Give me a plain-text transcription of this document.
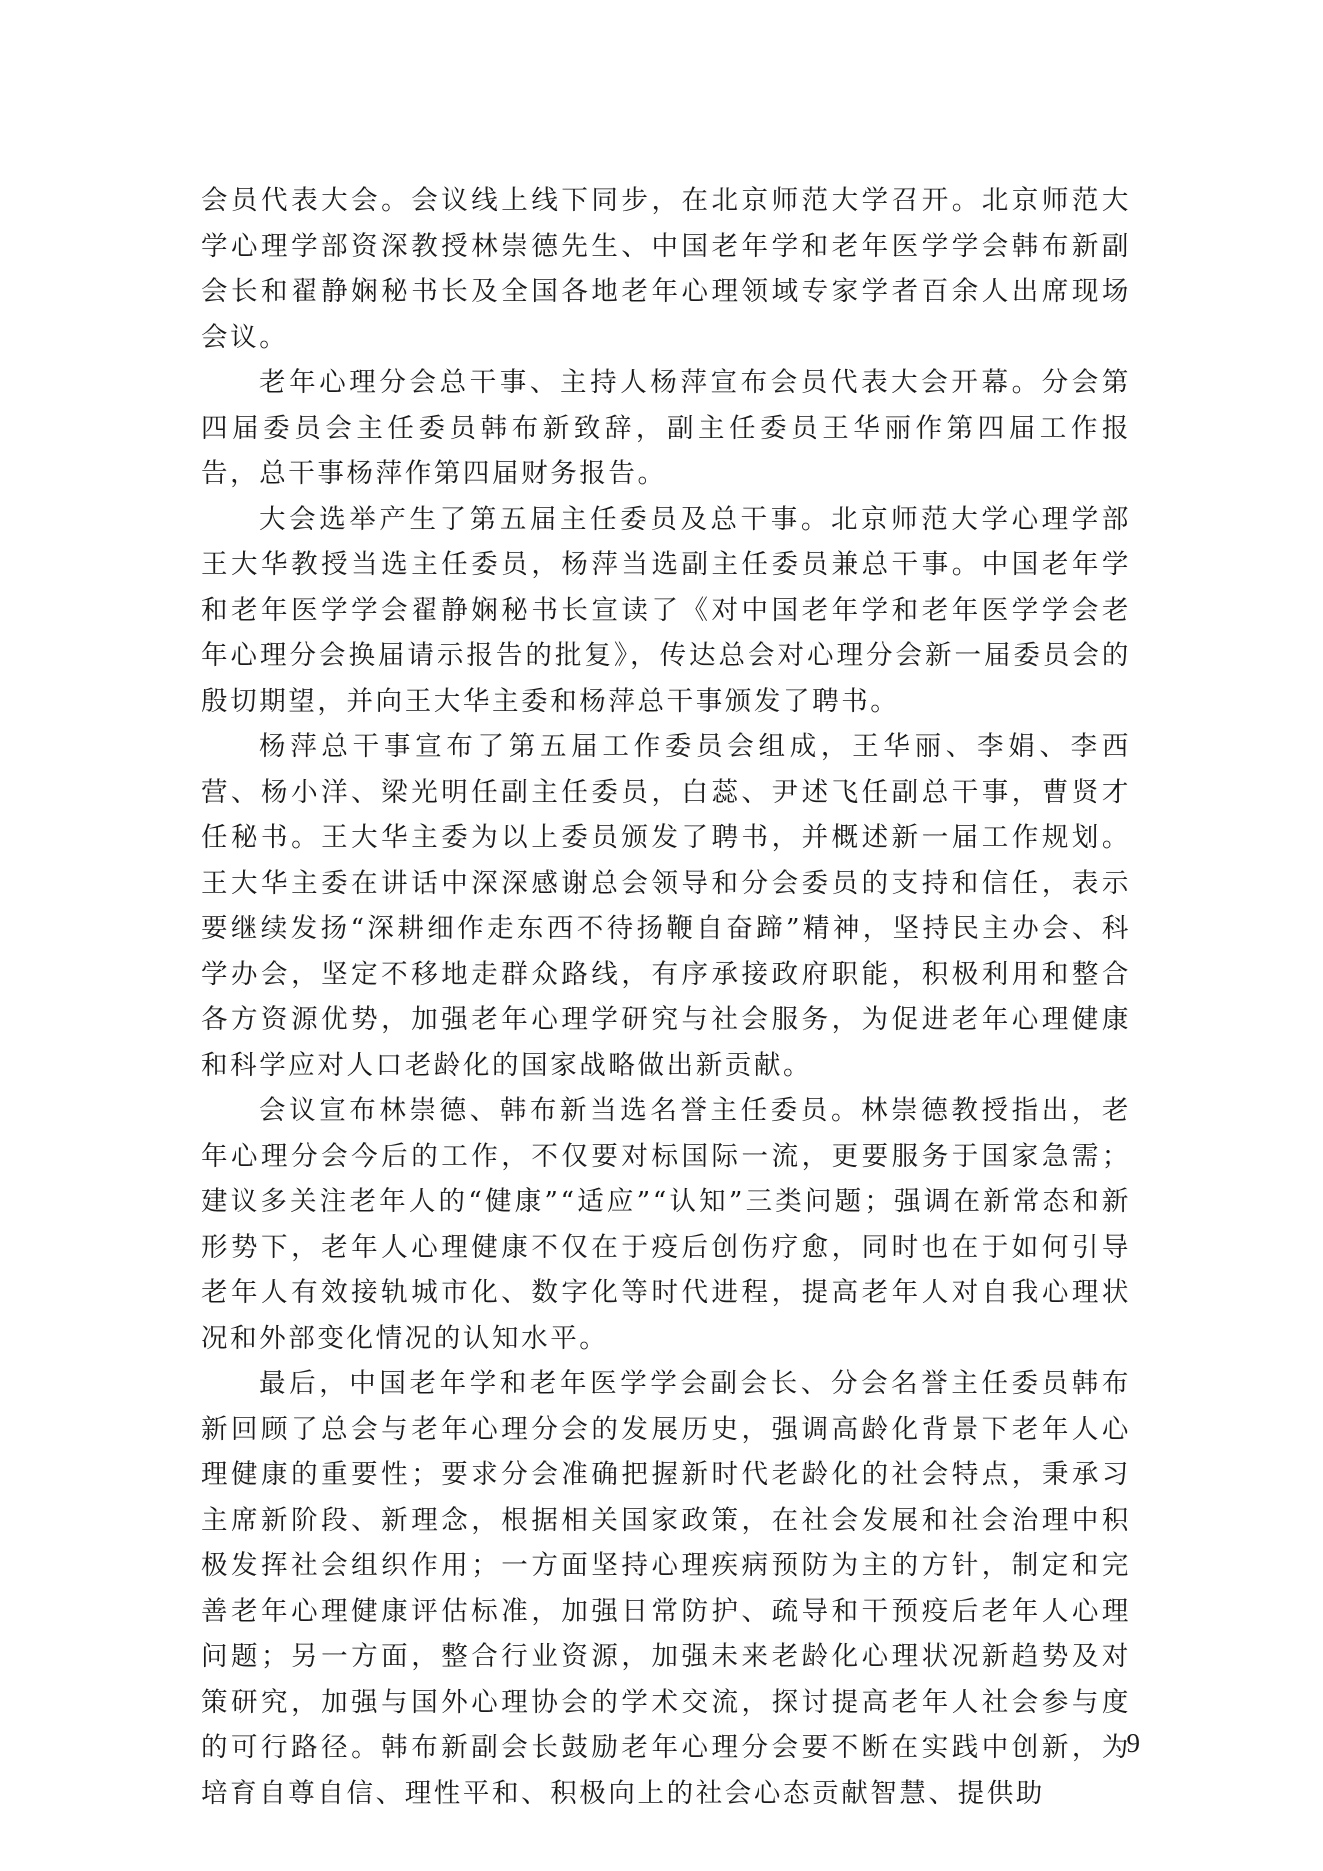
会员代表大会。会议线上线下同步，在北京师范大学召开。北京师范大学心理学部资深教授林崇德先生、中国老年学和老年医学学会韩布新副会长和翟静娴秘书长及全国各地老年心理领域专家学者百余人出席现场会议。

老年心理分会总干事、主持人杨萍宣布会员代表大会开幕。分会第四届委员会主任委员韩布新致辞，副主任委员王华丽作第四届工作报告，总干事杨萍作第四届财务报告。

大会选举产生了第五届主任委员及总干事。北京师范大学心理学部王大华教授当选主任委员，杨萍当选副主任委员兼总干事。中国老年学和老年医学学会翟静娴秘书长宣读了《对中国老年学和老年医学学会老年心理分会换届请示报告的批复》，传达总会对心理分会新一届委员会的殷切期望，并向王大华主委和杨萍总干事颁发了聘书。

杨萍总干事宣布了第五届工作委员会组成，王华丽、李娟、李西营、杨小洋、梁光明任副主任委员，白蕊、尹述飞任副总干事，曹贤才任秘书。王大华主委为以上委员颁发了聘书，并概述新一届工作规划。王大华主委在讲话中深深感谢总会领导和分会委员的支持和信任，表示要继续发扬“深耕细作走东西不待扬鞭自奋蹄”精神，坚持民主办会、科学办会，坚定不移地走群众路线，有序承接政府职能，积极利用和整合各方资源优势，加强老年心理学研究与社会服务，为促进老年心理健康和科学应对人口老龄化的国家战略做出新贡献。

会议宣布林崇德、韩布新当选名誉主任委员。林崇德教授指出，老年心理分会今后的工作，不仅要对标国际一流，更要服务于国家急需；建议多关注老年人的“健康”“适应”“认知”三类问题；强调在新常态和新形势下，老年人心理健康不仅在于疫后创伤疗愈，同时也在于如何引导老年人有效接轨城市化、数字化等时代进程，提高老年人对自我心理状况和外部变化情况的认知水平。

最后，中国老年学和老年医学学会副会长、分会名誉主任委员韩布新回顾了总会与老年心理分会的发展历史，强调高龄化背景下老年人心理健康的重要性；要求分会准确把握新时代老龄化的社会特点，秉承习主席新阶段、新理念，根据相关国家政策，在社会发展和社会治理中积极发挥社会组织作用；一方面坚持心理疾病预防为主的方针，制定和完善老年心理健康评估标准，加强日常防护、疏导和干预疫后老年人心理问题；另一方面，整合行业资源，加强未来老龄化心理状况新趋势及对策研究，加强与国外心理协会的学术交流，探讨提高老年人社会参与度的可行路径。韩布新副会长鼓励老年心理分会要不断在实践中创新，为培育自尊自信、理性平和、积极向上的社会心态贡献智慧、提供助

9
